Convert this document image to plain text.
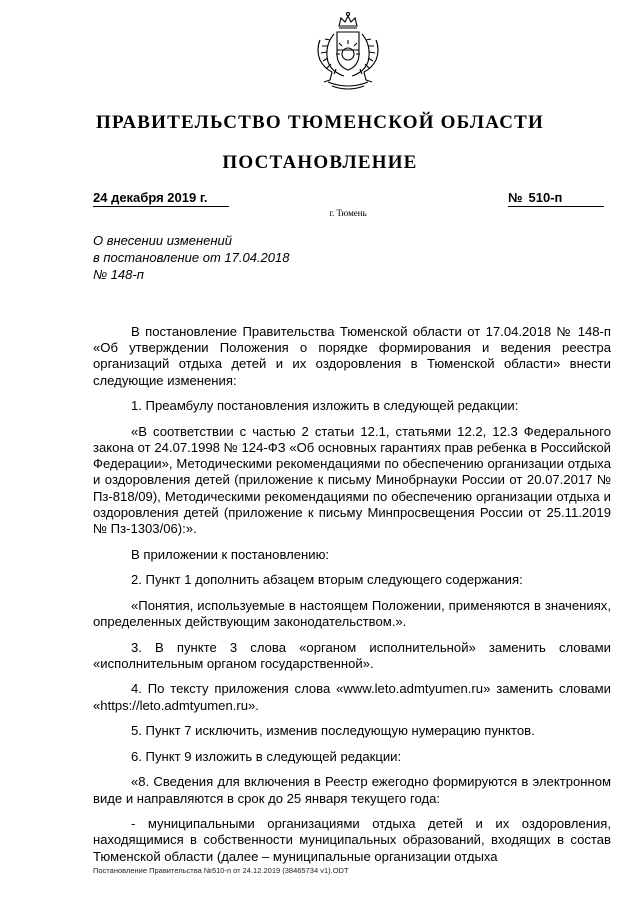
ПРАВИТЕЛЬСТВО ТЮМЕНСКОЙ ОБЛАСТИ
ПОСТАНОВЛЕНИЕ
24 декабря 2019 г.	№ 510-п
г. Тюмень
О внесении изменений
в постановление от 17.04.2018
№ 148-п

В постановление Правительства Тюменской области от 17.04.2018 № 148-п «Об утверждении Положения о порядке формирования и ведения реестра организаций отдыха детей и их оздоровления в Тюменской области» внести следующие изменения:

1. Преамбулу постановления изложить в следующей редакции:

«В соответствии с частью 2 статьи 12.1, статьями 12.2, 12.3 Федерального закона от 24.07.1998 № 124-ФЗ «Об основных гарантиях прав ребенка в Российской Федерации», Методическими рекомендациями по обеспечению организации отдыха и оздоровления детей (приложение к письму Минобрнауки России от 20.07.2017 № Пз-818/09), Методическими рекомендациями по обеспечению организации отдыха и оздоровления детей (приложение к письму Минпросвещения России от 25.11.2019 № Пз-1303/06):».

В приложении к постановлению:

2. Пункт 1 дополнить абзацем вторым следующего содержания:

«Понятия, используемые в настоящем Положении, применяются в значениях, определенных действующим законодательством.».

3. В пункте 3 слова «органом исполнительной» заменить словами «исполнительным органом государственной».

4. По тексту приложения слова «www.leto.admtyumen.ru» заменить словами «https://leto.admtyumen.ru».

5. Пункт 7 исключить, изменив последующую нумерацию пунктов.

6. Пункт 9 изложить в следующей редакции:

«8. Сведения для включения в Реестр ежегодно формируются в электронном виде и направляются в срок до 25 января текущего года:

- муниципальными организациями отдыха детей и их оздоровления, находящимися в собственности муниципальных образований, входящих в состав Тюменской области (далее – муниципальные организации отдыха

Постановление Правительства №510-п от 24.12.2019 (38465734 v1).ODT
